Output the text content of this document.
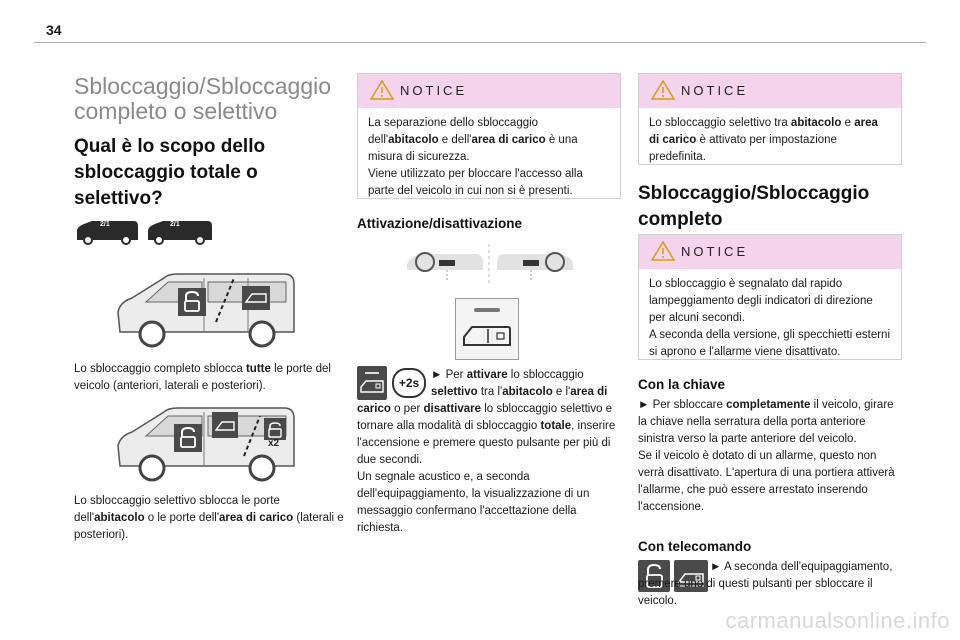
34
Sbloccaggio/Sbloccaggio completo o selettivo
Qual è lo scopo dello sbloccaggio totale o selettivo?
2/1	2/1
Lo sbloccaggio completo sblocca tutte le porte del veicolo (anteriori, laterali e posteriori).
x2
Lo sbloccaggio selettivo sblocca le porte dell'abitacolo o le porte dell'area di carico (laterali e posteriori).
NOTICE
La separazione dello sbloccaggio dell'abitacolo e dell'area di carico è una misura di sicurezza.
Viene utilizzato per bloccare l'accesso alla parte del veicolo in cui non si è presenti.
Attivazione/disattivazione
+2s
► Per attivare lo sbloccaggio selettivo tra l'abitacolo e l'area di carico o per disattivare lo sbloccaggio selettivo e tornare alla modalità di sbloccaggio totale, inserire l'accensione e premere questo pulsante per più di due secondi.
Un segnale acustico e, a seconda dell'equipaggiamento, la visualizzazione di un messaggio confermano l'accettazione della richiesta.
NOTICE
Lo sbloccaggio selettivo tra abitacolo e area di carico è attivato per impostazione predefinita.
Sbloccaggio/Sbloccaggio completo
NOTICE
Lo sbloccaggio è segnalato dal rapido lampeggiamento degli indicatori di direzione per alcuni secondi.
A seconda della versione, gli specchietti esterni si aprono e l'allarme viene disattivato.
Con la chiave
► Per sbloccare completamente il veicolo, girare la chiave nella serratura della porta anteriore sinistra verso la parte anteriore del veicolo.
Se il veicolo è dotato di un allarme, questo non verrà disattivato. L'apertura di una portiera attiverà l'allarme, che può essere arrestato inserendo l'accensione.
Con telecomando
► A seconda dell'equipaggiamento, premere uno di questi pulsanti per sbloccare il veicolo.
carmanualsonline.info
